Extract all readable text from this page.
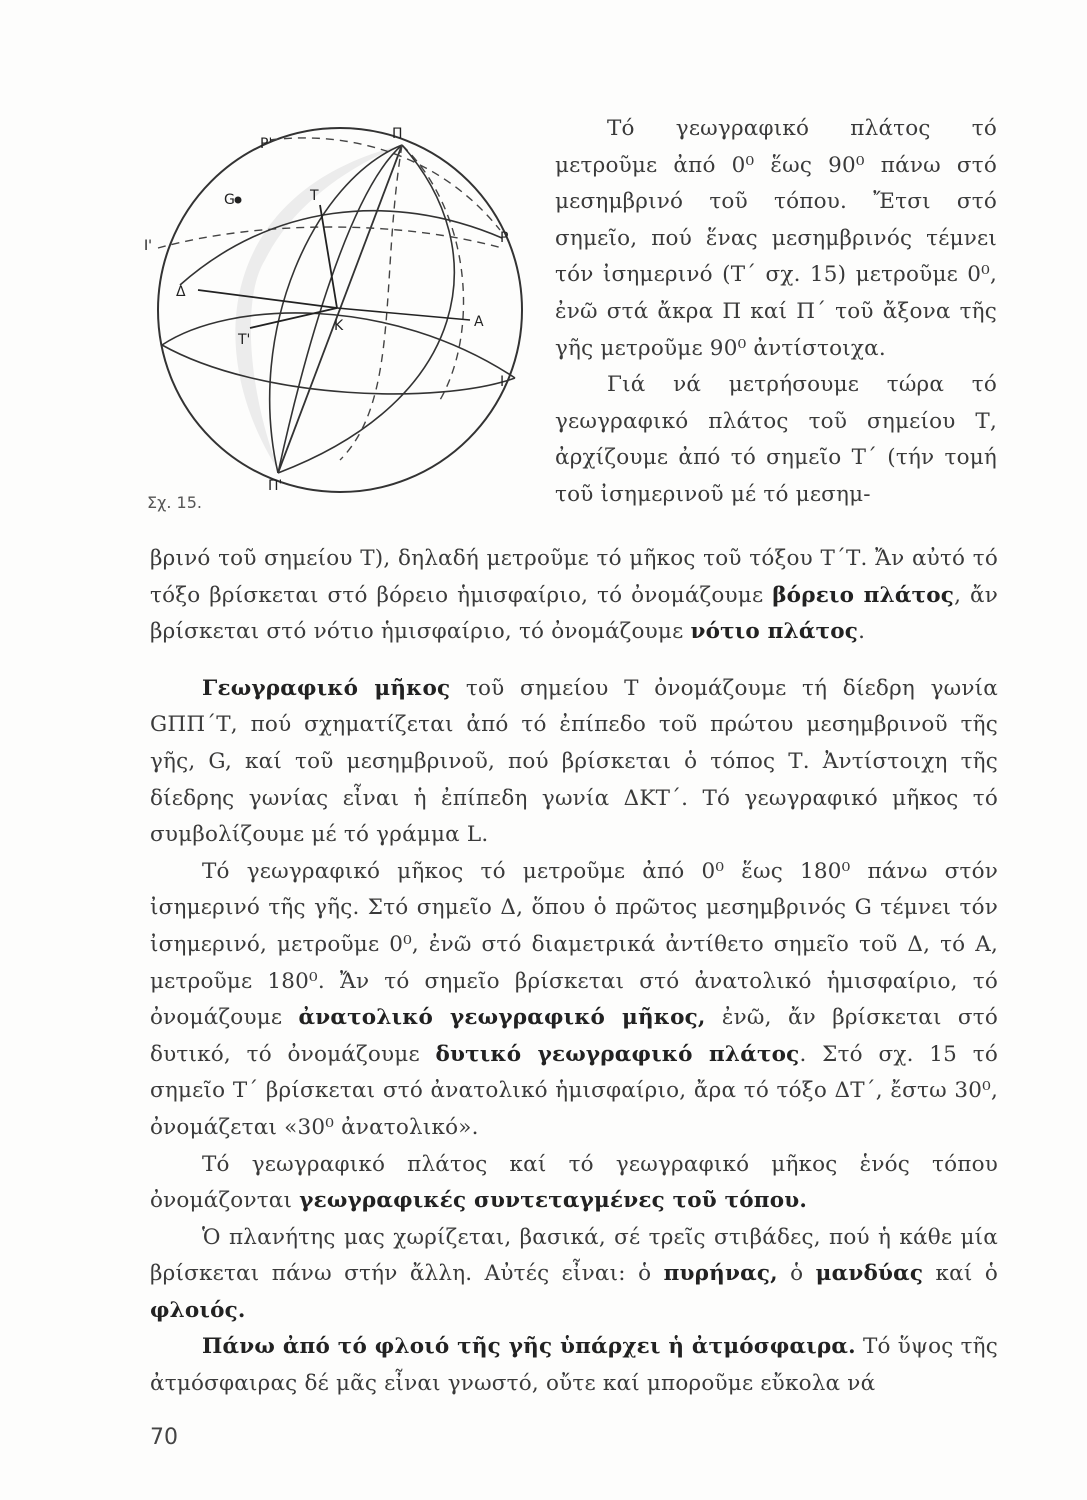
Ρ'
Π
G	Τ
Ρ
Ι'
Δ
Κ	Α
Τ'
Ι
Π'
Σχ. 15.

Τό γεωγραφικό πλάτος τό μετροῦμε ἀπό 0⁰ ἕως 90⁰ πάνω στό μεσημβρινό τοῦ τόπου. Ἔτσι στό σημεῖο, πού ἕνας μεσημβρινός τέμνει τόν ἰσημερινό (Τ΄ σχ. 15) μετροῦμε 0⁰, ἐνῶ στά ἄκρα Π καί Π΄ τοῦ ἄξονα τῆς γῆς μετροῦμε 90⁰ ἀντίστοιχα.

Γιά νά μετρήσουμε τώρα τό γεωγραφικό πλάτος τοῦ σημείου Τ, ἀρχίζουμε ἀπό τό σημεῖο Τ΄ (τήν τομή τοῦ ἰσημερινοῦ μέ τό μεσημ-

βρινό τοῦ σημείου Τ), δηλαδή μετροῦμε τό μῆκος τοῦ τόξου Τ΄Τ. Ἄν αὐτό τό τόξο βρίσκεται στό βόρειο ἡμισφαίριο, τό ὀνομάζουμε βόρειο πλάτος, ἄν βρίσκεται στό νότιο ἡμισφαίριο, τό ὀνομάζουμε νότιο πλάτος.

Γεωγραφικό μῆκος τοῦ σημείου Τ ὀνομάζουμε τή δίεδρη γωνία GΠΠ΄Τ, πού σχηματίζεται ἀπό τό ἐπίπεδο τοῦ πρώτου μεσημβρινοῦ τῆς γῆς, G, καί τοῦ μεσημβρινοῦ, πού βρίσκεται ὁ τόπος Τ. Ἀντίστοιχη τῆς δίεδρης γωνίας εἶναι ἡ ἐπίπεδη γωνία ΔΚΤ΄. Τό γεωγραφικό μῆκος τό συμβολίζουμε μέ τό γράμμα L.

Τό γεωγραφικό μῆκος τό μετροῦμε ἀπό 0⁰ ἕως 180⁰ πάνω στόν ἰσημερινό τῆς γῆς. Στό σημεῖο Δ, ὅπου ὁ πρῶτος μεσημβρινός G τέμνει τόν ἰσημερινό, μετροῦμε 0⁰, ἐνῶ στό διαμετρικά ἀντίθετο σημεῖο τοῦ Δ, τό Α, μετροῦμε 180⁰. Ἄν τό σημεῖο βρίσκεται στό ἀνατολικό ἡμισφαίριο, τό ὀνομάζουμε ἀνατολικό γεωγραφικό μῆκος, ἐνῶ, ἄν βρίσκεται στό δυτικό, τό ὀνομάζουμε δυτικό γεωγραφικό πλάτος. Στό σχ. 15 τό σημεῖο Τ΄ βρίσκεται στό ἀνατολικό ἡμισφαίριο, ἄρα τό τόξο ΔΤ΄, ἔστω 30⁰, ὀνομάζεται «30⁰ ἀνατολικό».

Τό γεωγραφικό πλάτος καί τό γεωγραφικό μῆκος ἑνός τόπου ὀνομάζονται γεωγραφικές συντεταγμένες τοῦ τόπου.

Ὁ πλανήτης μας χωρίζεται, βασικά, σέ τρεῖς στιβάδες, πού ἡ κάθε μία βρίσκεται πάνω στήν ἄλλη. Αὐτές εἶναι: ὁ πυρήνας, ὁ μανδύας καί ὁ φλοιός.

Πάνω ἀπό τό φλοιό τῆς γῆς ὑπάρχει ἡ ἀτμόσφαιρα. Τό ὕψος τῆς ἀτμόσφαιρας δέ μᾶς εἶναι γνωστό, οὔτε καί μποροῦμε εὔκολα νά

70
